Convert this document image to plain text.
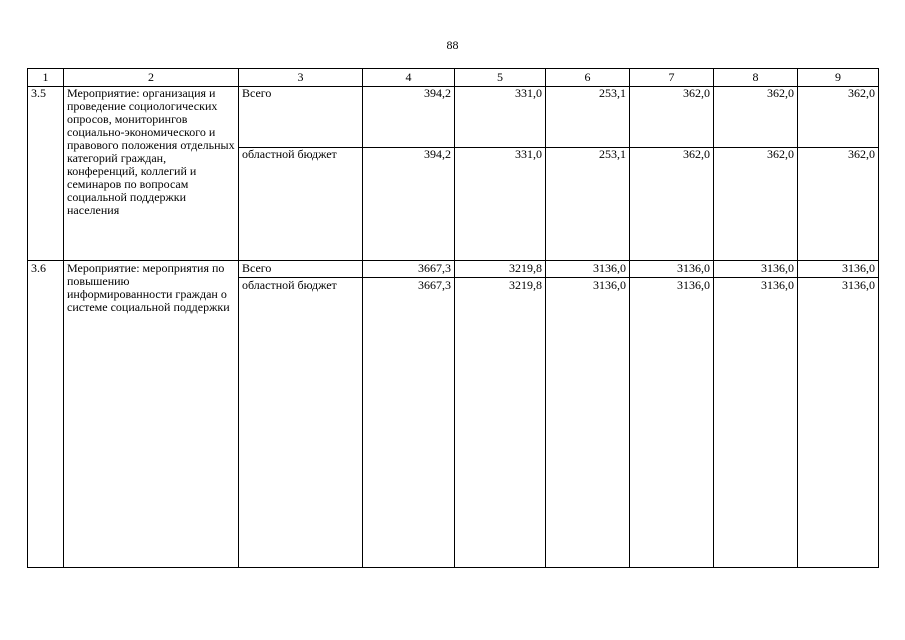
88
1	2	3	4	5	6	7	8	9
3.5	Мероприятие: организация и проведение социологических опросов, мониторингов социально-экономического и правового положения отдельных категорий граждан, конференций, коллегий и семинаров по вопросам социальной поддержки населения	Всего	394,2	331,0	253,1	362,0	362,0	362,0
		областной бюджет	394,2	331,0	253,1	362,0	362,0	362,0
3.6	Мероприятие: мероприятия по повышению информированности граждан о системе социальной поддержки	Всего	3667,3	3219,8	3136,0	3136,0	3136,0	3136,0
		областной бюджет	3667,3	3219,8	3136,0	3136,0	3136,0	3136,0
